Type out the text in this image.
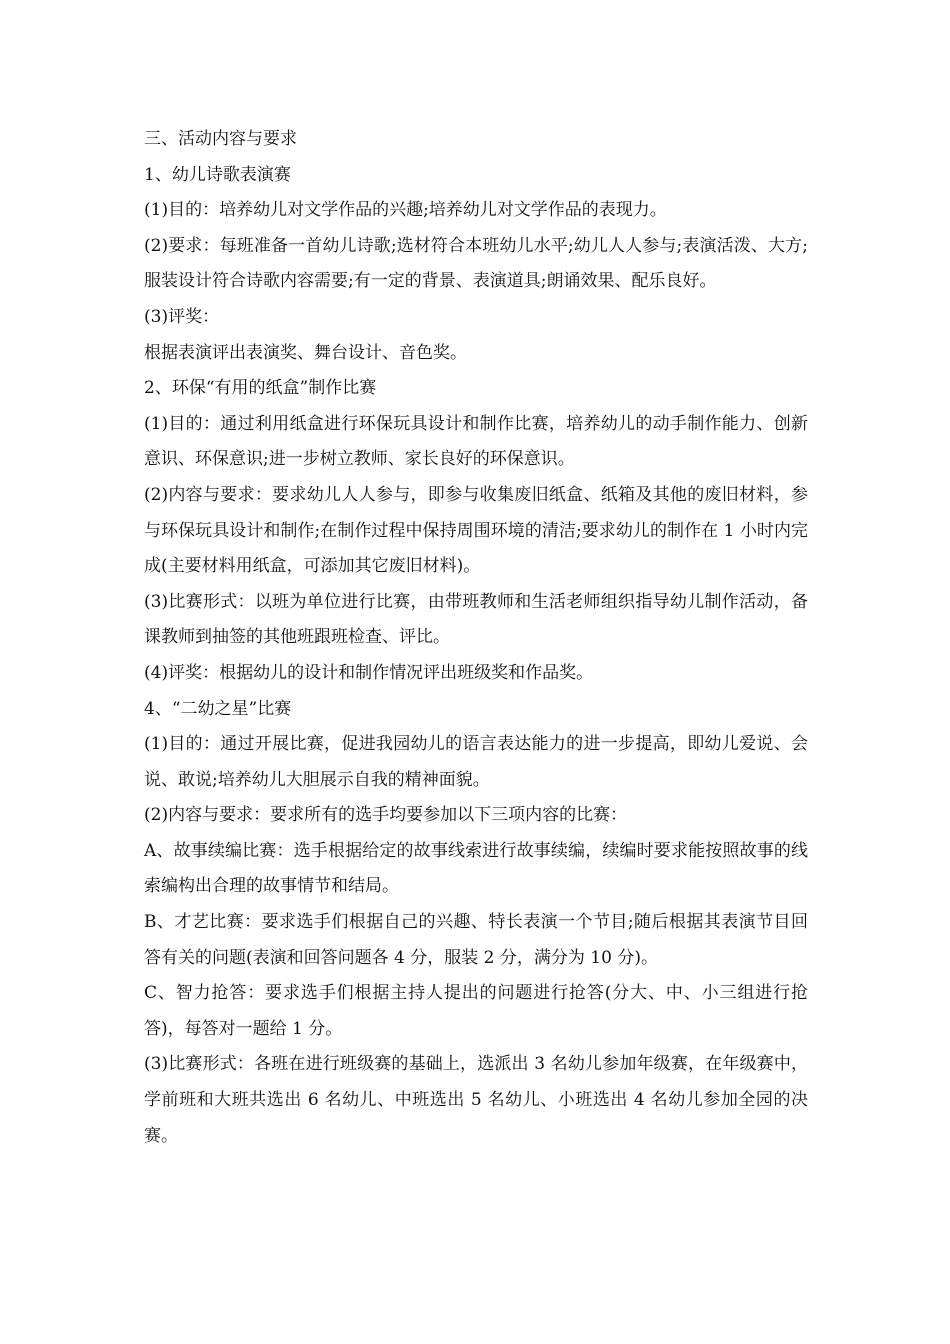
三、活动内容与要求

1、幼儿诗歌表演赛

(1)目的：培养幼儿对文学作品的兴趣;培养幼儿对文学作品的表现力。

(2)要求：每班准备一首幼儿诗歌;选材符合本班幼儿水平;幼儿人人参与;表演活泼、大方;服装设计符合诗歌内容需要;有一定的背景、表演道具;朗诵效果、配乐良好。

(3)评奖：

根据表演评出表演奖、舞台设计、音色奖。

2、环保“有用的纸盒”制作比赛

(1)目的：通过利用纸盒进行环保玩具设计和制作比赛，培养幼儿的动手制作能力、创新意识、环保意识;进一步树立教师、家长良好的环保意识。

(2)内容与要求：要求幼儿人人参与，即参与收集废旧纸盒、纸箱及其他的废旧材料，参与环保玩具设计和制作;在制作过程中保持周围环境的清洁;要求幼儿的制作在 1 小时内完成(主要材料用纸盒，可添加其它废旧材料)。

(3)比赛形式：以班为单位进行比赛，由带班教师和生活老师组织指导幼儿制作活动，备课教师到抽签的其他班跟班检查、评比。

(4)评奖：根据幼儿的设计和制作情况评出班级奖和作品奖。

4、“二幼之星”比赛

(1)目的：通过开展比赛，促进我园幼儿的语言表达能力的进一步提高，即幼儿爱说、会说、敢说;培养幼儿大胆展示自我的精神面貌。

(2)内容与要求：要求所有的选手均要参加以下三项内容的比赛：

A、故事续编比赛：选手根据给定的故事线索进行故事续编，续编时要求能按照故事的线索编构出合理的故事情节和结局。

B、才艺比赛：要求选手们根据自己的兴趣、特长表演一个节目;随后根据其表演节目回答有关的问题(表演和回答问题各 4 分，服装 2 分，满分为 10 分)。

C、智力抢答：要求选手们根据主持人提出的问题进行抢答(分大、中、小三组进行抢答)，每答对一题给 1 分。

(3)比赛形式：各班在进行班级赛的基础上，选派出 3 名幼儿参加年级赛，在年级赛中，学前班和大班共选出 6 名幼儿、中班选出 5 名幼儿、小班选出 4 名幼儿参加全园的决赛。
